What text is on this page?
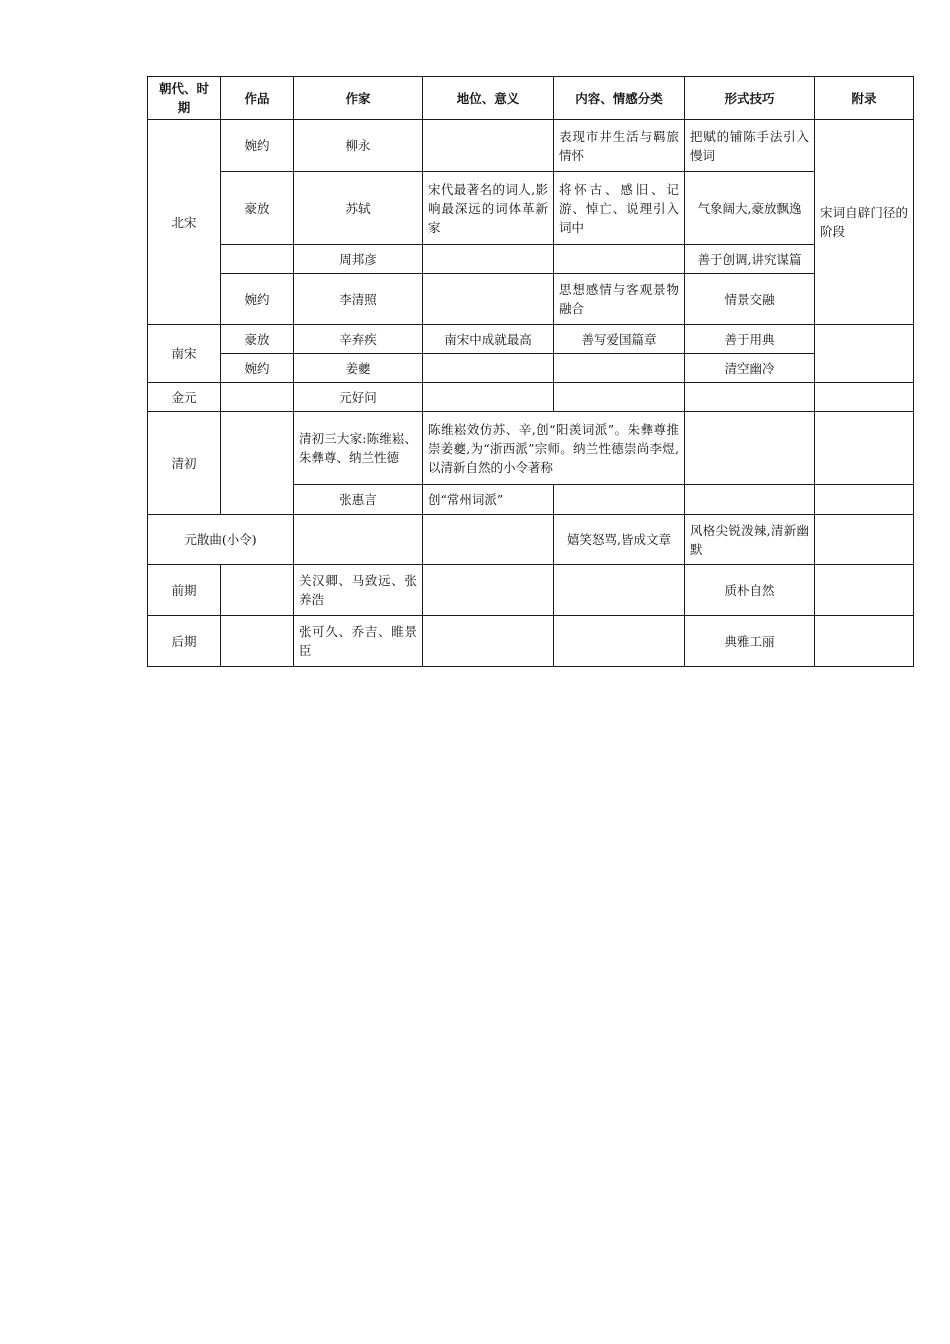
朝代、时期	作品	作家	地位、意义	内容、情感分类	形式技巧	附录
北宋	婉约	柳永		表现市井生活与羁旅情怀	把赋的铺陈手法引入慢词	宋词自辟门径的阶段
	豪放	苏轼	宋代最著名的词人,影响最深远的词体革新家	将怀古、感旧、记游、悼亡、说理引入词中	气象阔大,豪放飘逸	
		周邦彦			善于创调,讲究谋篇	
	婉约	李清照		思想感情与客观景物融合	情景交融	
南宋	豪放	辛弃疾	南宋中成就最高	善写爱国篇章	善于用典	
	婉约	姜夔			清空幽冷	
金元		元好问				
清初		清初三大家:陈维崧、朱彝尊、纳兰性德	陈维崧效仿苏、辛,创“阳羡词派”。朱彝尊推崇姜夔,为“浙西派”宗师。纳兰性德崇尚李煜,以清新自然的小令著称			
		张惠言	创“常州词派”			
元散曲(小令)				嬉笑怒骂,皆成文章	风格尖锐泼辣,清新幽默	
前期		关汉卿、马致远、张养浩			质朴自然	
后期		张可久、乔吉、睢景臣			典雅工丽	
